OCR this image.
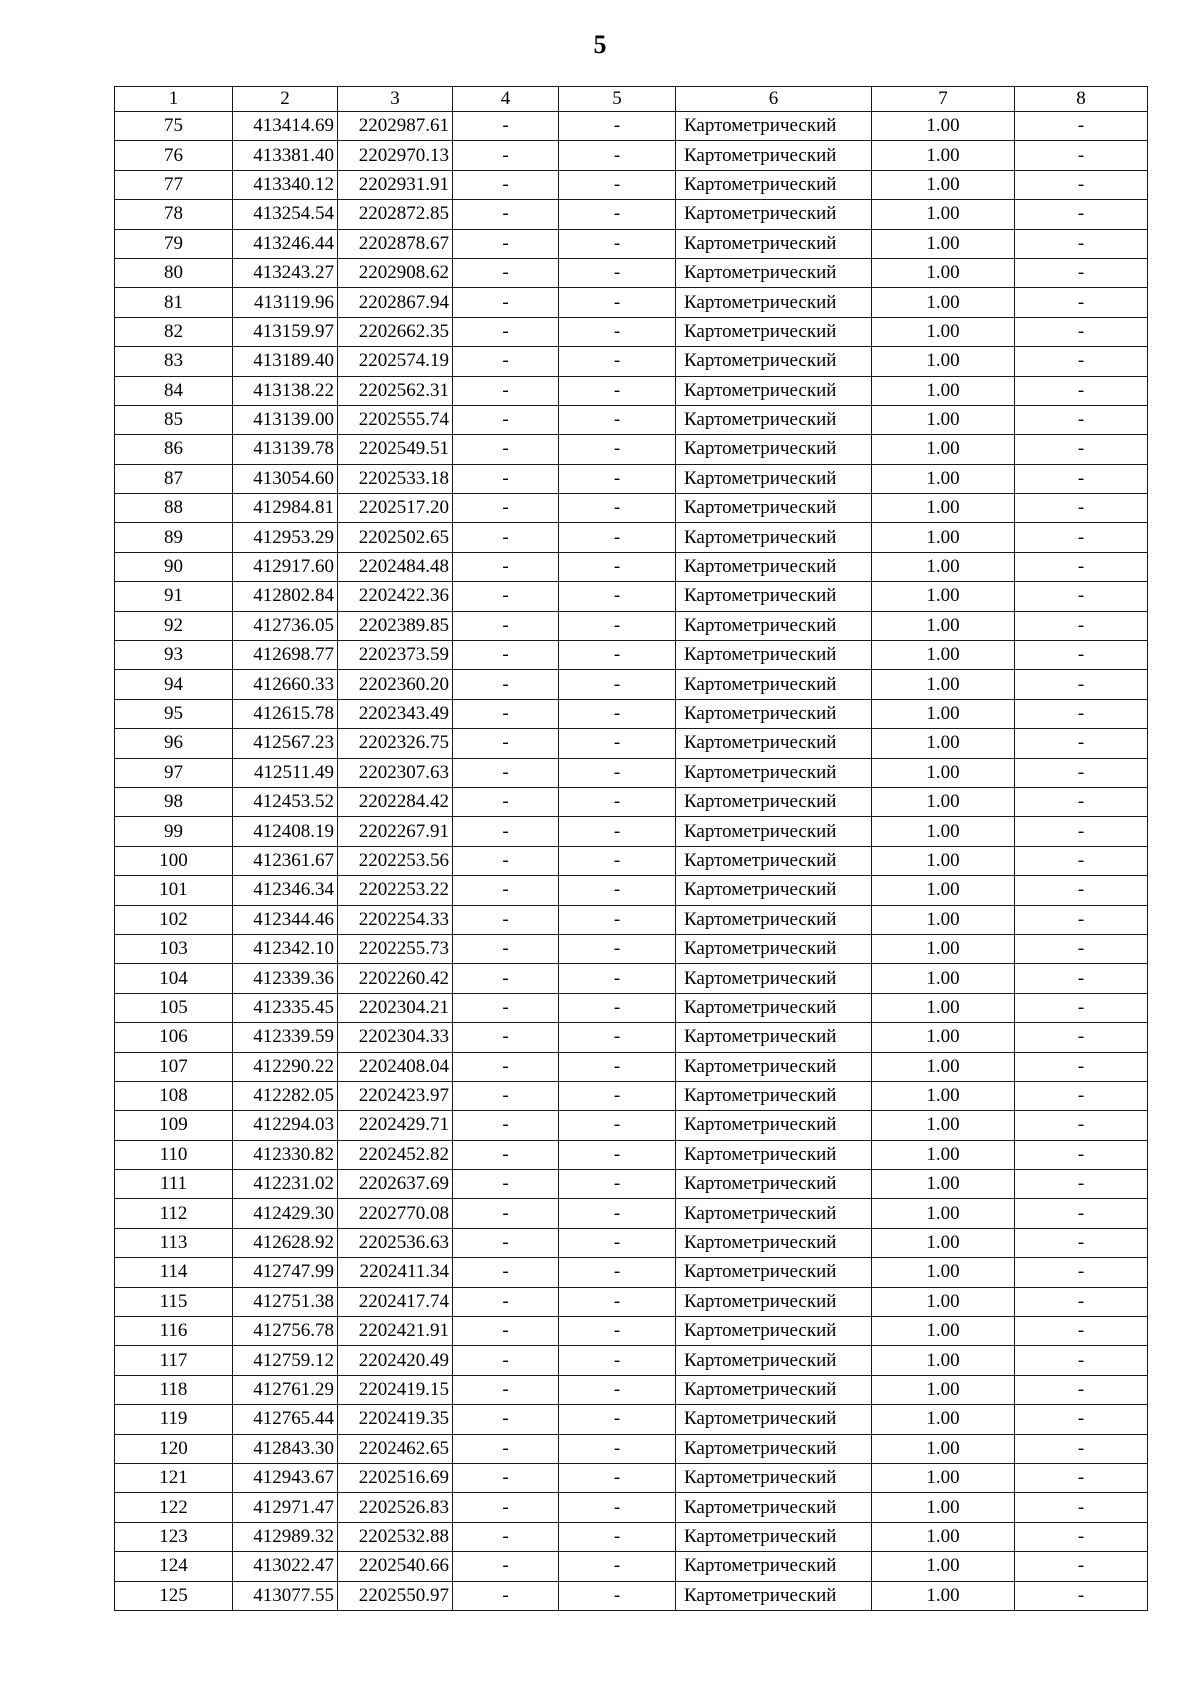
5
1	2	3	4	5	6	7	8
75	413414.69	2202987.61	-	-	Картометрический	1.00	-
76	413381.40	2202970.13	-	-	Картометрический	1.00	-
77	413340.12	2202931.91	-	-	Картометрический	1.00	-
78	413254.54	2202872.85	-	-	Картометрический	1.00	-
79	413246.44	2202878.67	-	-	Картометрический	1.00	-
80	413243.27	2202908.62	-	-	Картометрический	1.00	-
81	413119.96	2202867.94	-	-	Картометрический	1.00	-
82	413159.97	2202662.35	-	-	Картометрический	1.00	-
83	413189.40	2202574.19	-	-	Картометрический	1.00	-
84	413138.22	2202562.31	-	-	Картометрический	1.00	-
85	413139.00	2202555.74	-	-	Картометрический	1.00	-
86	413139.78	2202549.51	-	-	Картометрический	1.00	-
87	413054.60	2202533.18	-	-	Картометрический	1.00	-
88	412984.81	2202517.20	-	-	Картометрический	1.00	-
89	412953.29	2202502.65	-	-	Картометрический	1.00	-
90	412917.60	2202484.48	-	-	Картометрический	1.00	-
91	412802.84	2202422.36	-	-	Картометрический	1.00	-
92	412736.05	2202389.85	-	-	Картометрический	1.00	-
93	412698.77	2202373.59	-	-	Картометрический	1.00	-
94	412660.33	2202360.20	-	-	Картометрический	1.00	-
95	412615.78	2202343.49	-	-	Картометрический	1.00	-
96	412567.23	2202326.75	-	-	Картометрический	1.00	-
97	412511.49	2202307.63	-	-	Картометрический	1.00	-
98	412453.52	2202284.42	-	-	Картометрический	1.00	-
99	412408.19	2202267.91	-	-	Картометрический	1.00	-
100	412361.67	2202253.56	-	-	Картометрический	1.00	-
101	412346.34	2202253.22	-	-	Картометрический	1.00	-
102	412344.46	2202254.33	-	-	Картометрический	1.00	-
103	412342.10	2202255.73	-	-	Картометрический	1.00	-
104	412339.36	2202260.42	-	-	Картометрический	1.00	-
105	412335.45	2202304.21	-	-	Картометрический	1.00	-
106	412339.59	2202304.33	-	-	Картометрический	1.00	-
107	412290.22	2202408.04	-	-	Картометрический	1.00	-
108	412282.05	2202423.97	-	-	Картометрический	1.00	-
109	412294.03	2202429.71	-	-	Картометрический	1.00	-
110	412330.82	2202452.82	-	-	Картометрический	1.00	-
111	412231.02	2202637.69	-	-	Картометрический	1.00	-
112	412429.30	2202770.08	-	-	Картометрический	1.00	-
113	412628.92	2202536.63	-	-	Картометрический	1.00	-
114	412747.99	2202411.34	-	-	Картометрический	1.00	-
115	412751.38	2202417.74	-	-	Картометрический	1.00	-
116	412756.78	2202421.91	-	-	Картометрический	1.00	-
117	412759.12	2202420.49	-	-	Картометрический	1.00	-
118	412761.29	2202419.15	-	-	Картометрический	1.00	-
119	412765.44	2202419.35	-	-	Картометрический	1.00	-
120	412843.30	2202462.65	-	-	Картометрический	1.00	-
121	412943.67	2202516.69	-	-	Картометрический	1.00	-
122	412971.47	2202526.83	-	-	Картометрический	1.00	-
123	412989.32	2202532.88	-	-	Картометрический	1.00	-
124	413022.47	2202540.66	-	-	Картометрический	1.00	-
125	413077.55	2202550.97	-	-	Картометрический	1.00	-
